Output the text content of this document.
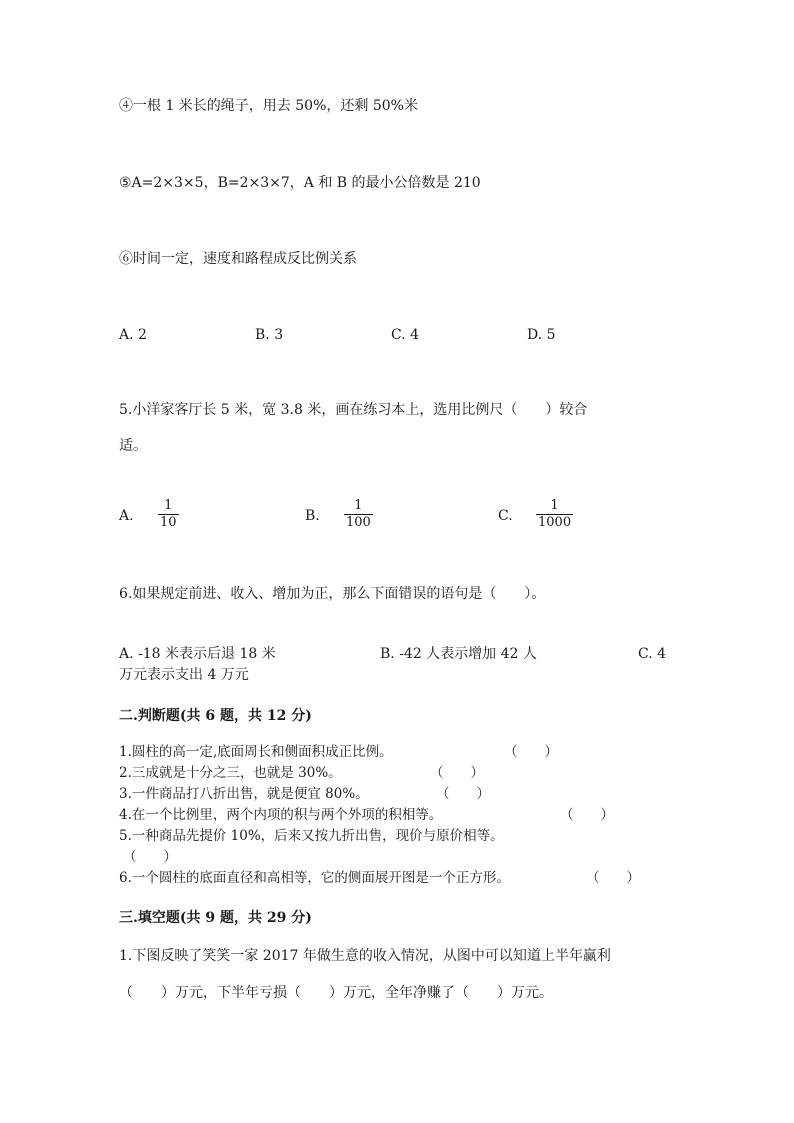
④一根 1 米长的绳子，用去 50%，还剩 50%米
⑤A=2×3×5，B=2×3×7，A 和 B 的最小公倍数是 210
⑥时间一定，速度和路程成反比例关系
A. 2	B. 3	C. 4	D. 5
5.小洋家客厅长 5 米，宽 3.8 米，画在练习本上，选用比例尺（　　）较合
适。
A.
1
10	B.
1
100	C.
1
1000
6.如果规定前进、收入、增加为正，那么下面错误的语句是（　　）。
A. -18 米表示后退 18 米	B. -42 人表示增加 42 人	C. 4
万元表示支出 4 万元
二.判断题(共 6 题，共 12 分)
1.圆柱的高一定,底面周长和侧面积成正比例。	（　　）
2.三成就是十分之三，也就是 30%。	（　　）
3.一件商品打八折出售，就是便宜 80%。	（　　）
4.在一个比例里，两个内项的积与两个外项的积相等。	（　　）
5.一种商品先提价 10%，后来又按九折出售，现价与原价相等。
（　　）
6.一个圆柱的底面直径和高相等，它的侧面展开图是一个正方形。	（　　）
三.填空题(共 9 题，共 29 分)
1.下图反映了笑笑一家 2017 年做生意的收入情况，从图中可以知道上半年赢利
（　　）万元，下半年亏损（　　）万元，全年净赚了（　　）万元。
